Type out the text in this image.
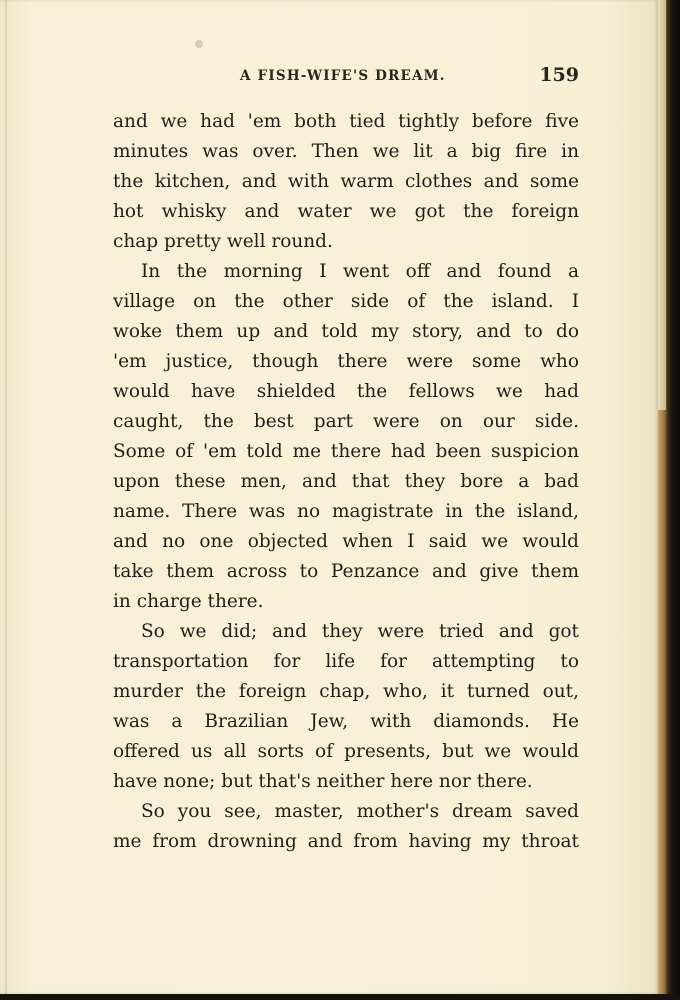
A FISH-WIFE'S DREAM.	159
and we had 'em both tied tightly before five
minutes was over. Then we lit a big fire in
the kitchen, and with warm clothes and some
hot whisky and water we got the foreign
chap pretty well round.
In the morning I went off and found a
village on the other side of the island. I
woke them up and told my story, and to do
'em justice, though there were some who
would have shielded the fellows we had
caught, the best part were on our side.
Some of 'em told me there had been suspicion
upon these men, and that they bore a bad
name. There was no magistrate in the island,
and no one objected when I said we would
take them across to Penzance and give them
in charge there.
So we did; and they were tried and got
transportation for life for attempting to
murder the foreign chap, who, it turned out,
was a Brazilian Jew, with diamonds. He
offered us all sorts of presents, but we would
have none; but that's neither here nor there.
So you see, master, mother's dream saved
me from drowning and from having my throat
